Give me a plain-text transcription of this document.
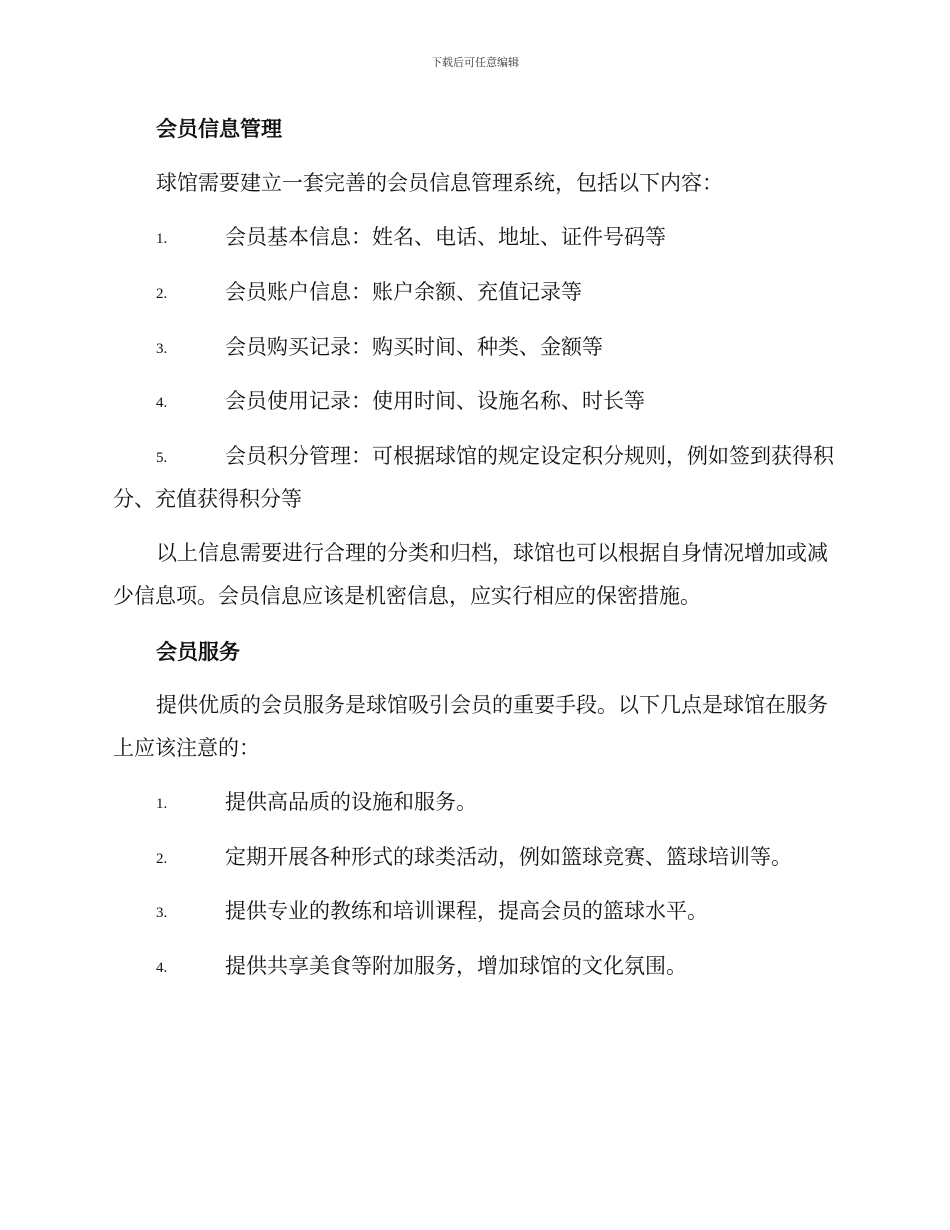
下载后可任意编辑
会员信息管理
球馆需要建立一套完善的会员信息管理系统，包括以下内容：
1.	会员基本信息：姓名、电话、地址、证件号码等
2.	会员账户信息：账户余额、充值记录等
3.	会员购买记录：购买时间、种类、金额等
4.	会员使用记录：使用时间、设施名称、时长等
5.	会员积分管理：可根据球馆的规定设定积分规则，例如签到获得积分、充值获得积分等
以上信息需要进行合理的分类和归档，球馆也可以根据自身情况增加或减少信息项。会员信息应该是机密信息，应实行相应的保密措施。
会员服务
提供优质的会员服务是球馆吸引会员的重要手段。以下几点是球馆在服务上应该注意的：
1.	提供高品质的设施和服务。
2.	定期开展各种形式的球类活动，例如篮球竞赛、篮球培训等。
3.	提供专业的教练和培训课程，提高会员的篮球水平。
4.	提供共享美食等附加服务，增加球馆的文化氛围。
